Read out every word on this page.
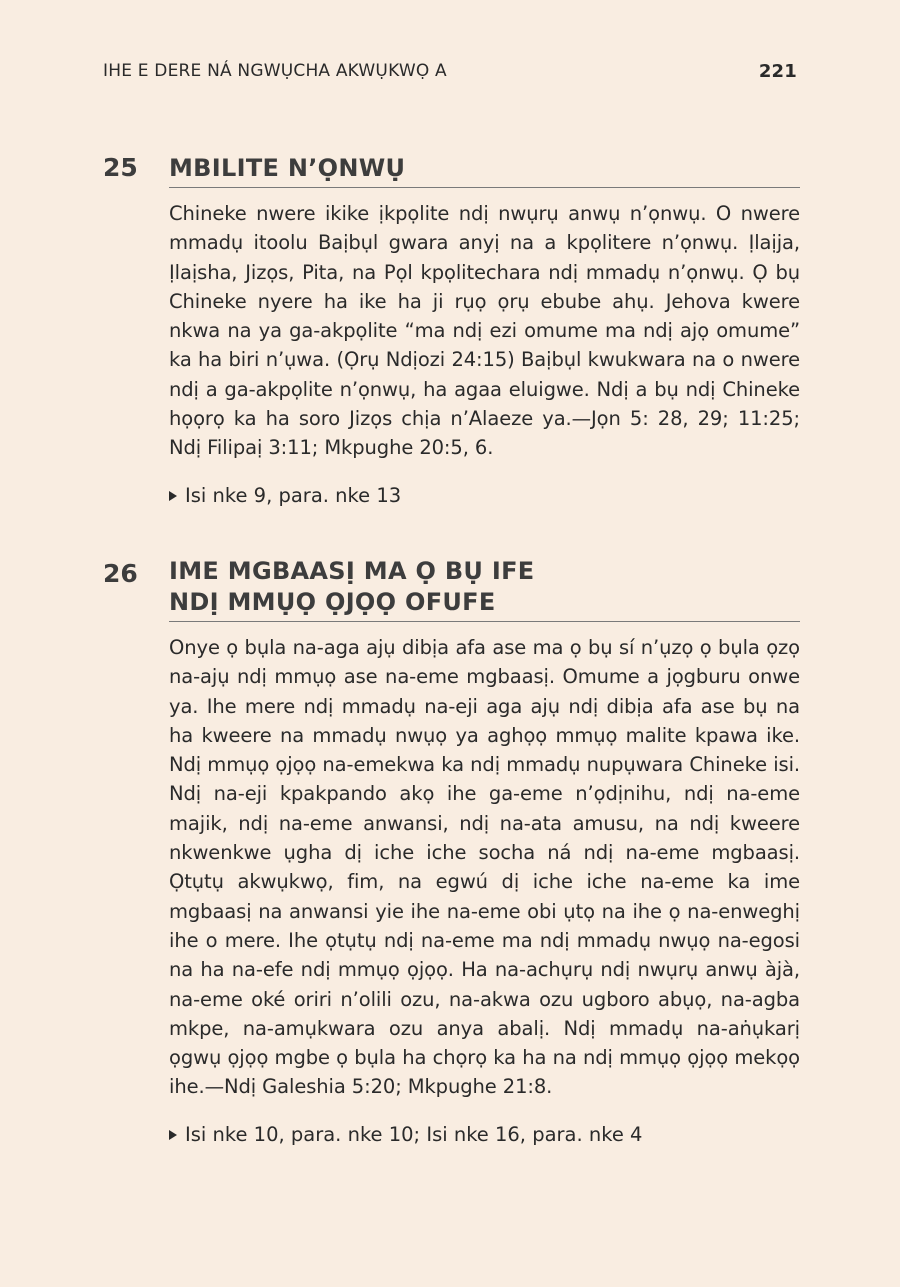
IHE E DERE NÁ NGWỤCHA AKWỤKWỌ A	221
25	MBILITE N’ỌNWỤ

Chineke nwere ikike ịkpọlite ndị nwụrụ anwụ n’ọnwụ. O nwere mmadụ itoolu Baịbụl gwara anyị na a kpọlitere n’ọnwụ. Ịlaịja, Ịlaịsha, Jizọs, Pita, na Pọl kpọlitechara ndị mmadụ n’ọnwụ. Ọ bụ Chineke nyere ha ike ha ji rụọ ọrụ ebube ahụ. Jehova kwere nkwa na ya ga-akpọlite “ma ndị ezi omume ma ndị ajọ omume” ka ha biri n’ụwa. (Ọrụ Ndịozi 24:15) Baịbụl kwukwara na o nwere ndị a ga-akpọlite n’ọnwụ, ha agaa eluigwe. Ndị a bụ ndị Chineke họọrọ ka ha soro Jizọs chịa n’Alaeze ya.—Jọn 5: 28, 29; 11:25; Ndị Filipaị 3:11; Mkpughe 20:5, 6.

Isi nke 9, para. nke 13
26	IME MGBAASỊ MA Ọ BỤ IFE
NDỊ MMỤỌ ỌJỌỌ OFUFE

Onye ọ bụla na-aga ajụ dibịa afa ase ma ọ bụ sí n’ụzọ ọ bụla ọzọ na-ajụ ndị mmụọ ase na-eme mgbaasị. Omume a jọgburu onwe ya. Ihe mere ndị mmadụ na-eji aga ajụ ndị dibịa afa ase bụ na ha kweere na mmadụ nwụọ ya aghọọ mmụọ malite kpawa ike. Ndị mmụọ ọjọọ na-emekwa ka ndị mmadụ nupụwara Chineke isi. Ndị na-eji kpakpando akọ ihe ga-eme n’ọdịnihu, ndị na-eme majik, ndị na-eme anwansi, ndị na-ata amusu, na ndị kweere nkwenkwe ụgha dị iche iche socha ná ndị na-eme mgbaasị. Ọtụtụ akwụkwọ, fim, na egwú dị iche iche na-eme ka ime mgbaasị na anwansi yie ihe na-eme obi ụtọ na ihe ọ na-enweghị ihe o mere. Ihe ọtụtụ ndị na-eme ma ndị mmadụ nwụọ na-egosi na ha na-efe ndị mmụọ ọjọọ. Ha na-achụrụ ndị nwụrụ anwụ àjà, na-eme oké oriri n’olili ozu, na-akwa ozu ugboro abụọ, na-agba mkpe, na-amụkwara ozu anya abalị. Ndị mmadụ na-aṅụkarị ọgwụ ọjọọ mgbe ọ bụla ha chọrọ ka ha na ndị mmụọ ọjọọ mekọọ ihe.—Ndị Galeshia 5:20; Mkpughe 21:8.

Isi nke 10, para. nke 10; Isi nke 16, para. nke 4
